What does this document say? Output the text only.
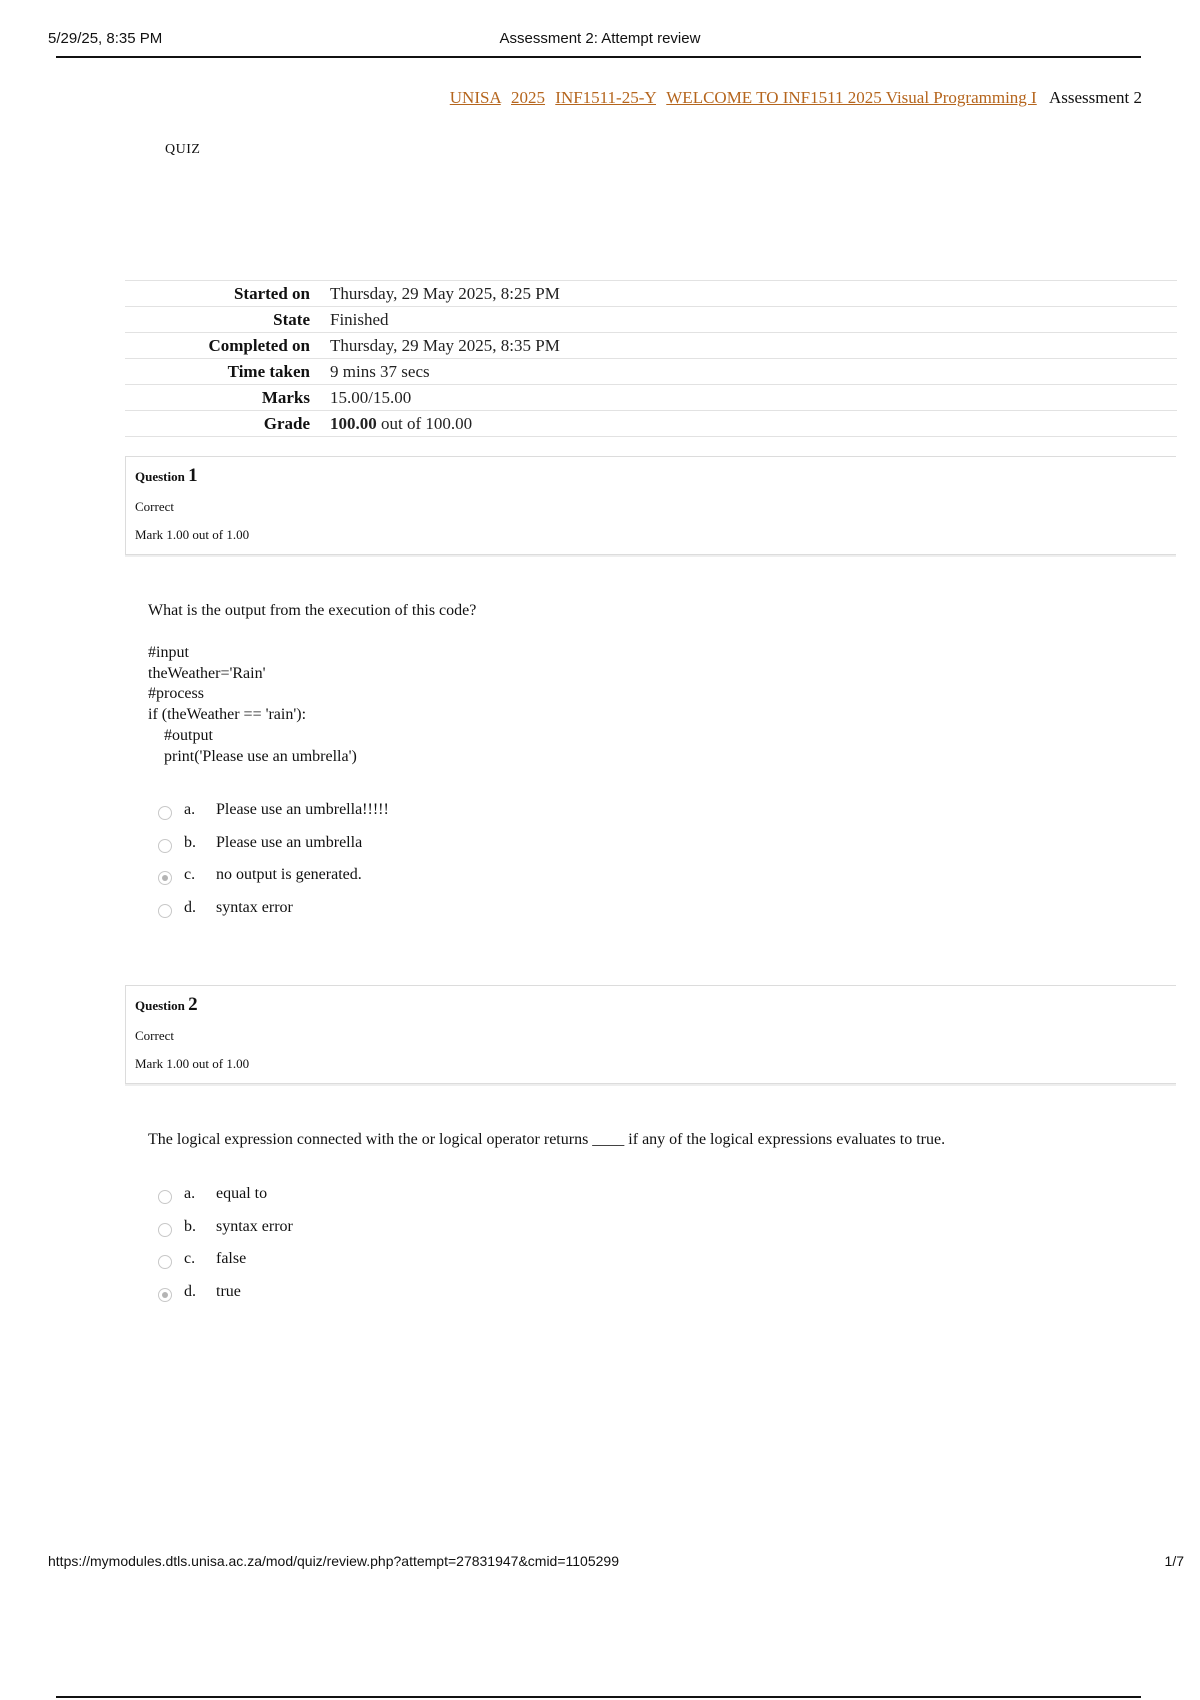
5/29/25, 8:35 PM	Assessment 2: Attempt review
UNISA 2025 INF1511-25-Y WELCOME TO INF1511 2025 Visual Programming I Assessment 2
QUIZ
Started on	Thursday, 29 May 2025, 8:25 PM
State	Finished
Completed on	Thursday, 29 May 2025, 8:35 PM
Time taken	9 mins 37 secs
Marks	15.00/15.00
Grade	100.00 out of 100.00
Question 1
Correct
Mark 1.00 out of 1.00
What is the output from the execution of this code?
#input
theWeather='Rain'
#process
if (theWeather == 'rain'):
#output
print('Please use an umbrella')
a.	Please use an umbrella!!!!!
b.	Please use an umbrella
c.	no output is generated.
d.	syntax error
Question 2
Correct
Mark 1.00 out of 1.00
The logical expression connected with the or logical operator returns ____ if any of the logical expressions evaluates to true.
a.	equal to
b.	syntax error
c.	false
d.	true
https://mymodules.dtls.unisa.ac.za/mod/quiz/review.php?attempt=27831947&cmid=1105299	1/7
